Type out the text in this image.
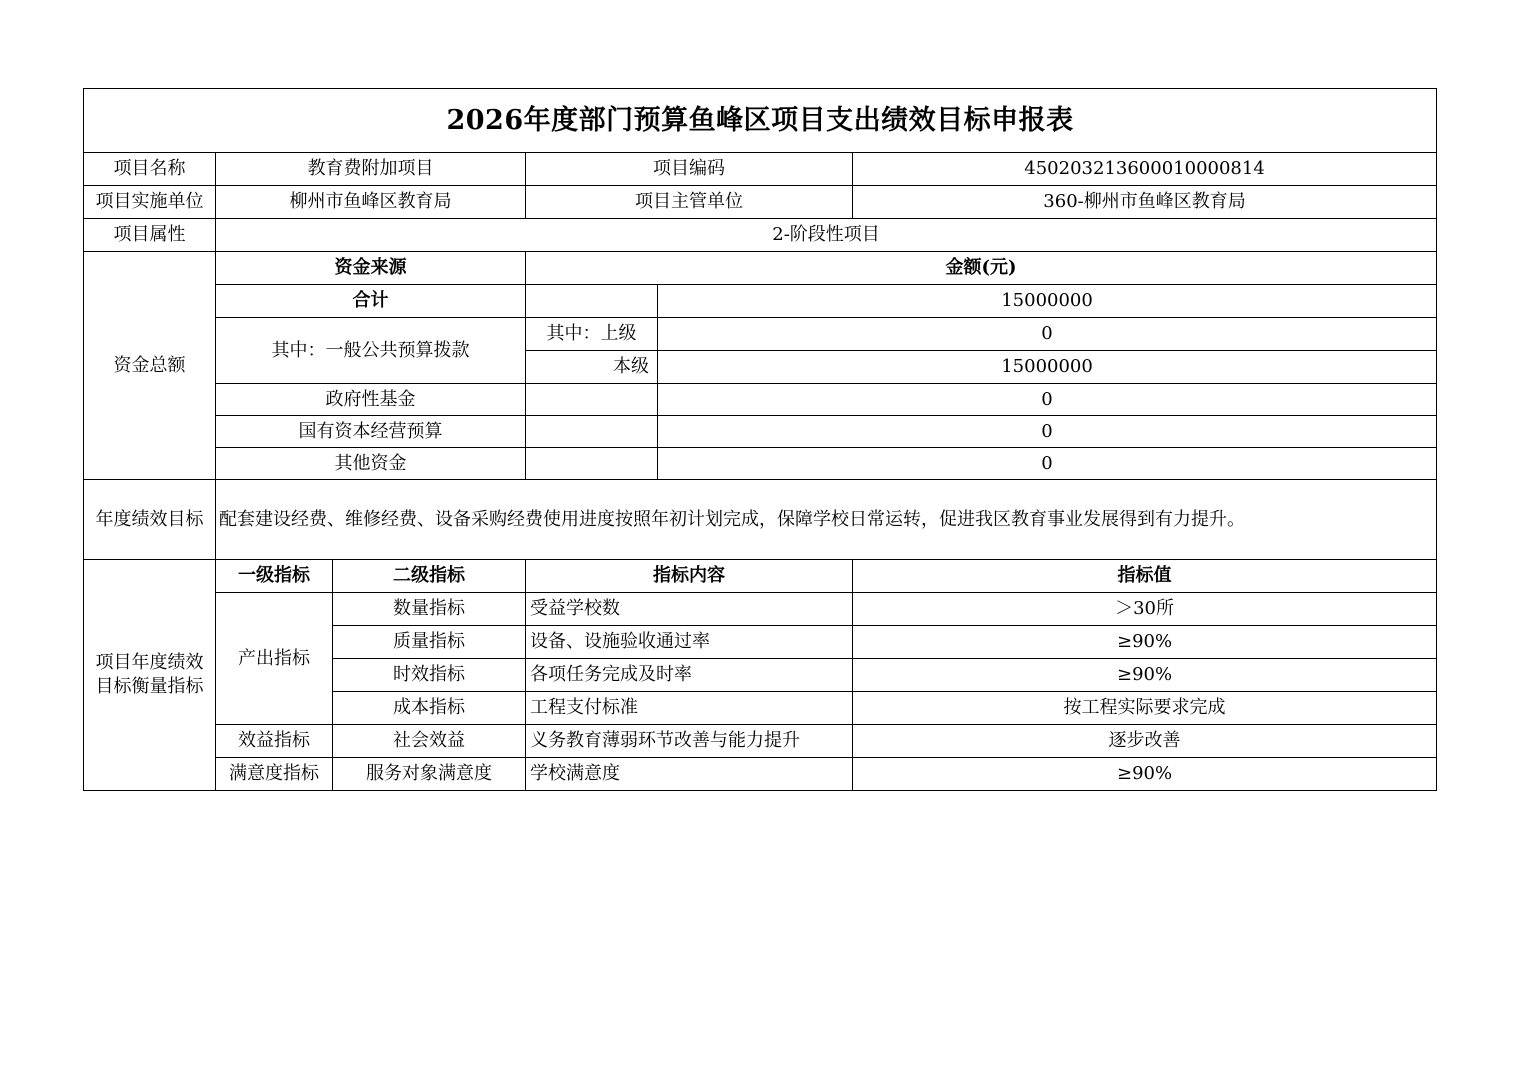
2026年度部门预算鱼峰区项目支出绩效目标申报表					
项目名称	教育费附加项目		项目编码		450203213600010000814
项目实施单位	柳州市鱼峰区教育局		项目主管单位		360-柳州市鱼峰区教育局
项目属性	2-阶段性项目				
资金总额	资金来源		金额(元)		
	合计			15000000	
	其中：一般公共预算拨款		其中：上级	0	
			本级	15000000	
	政府性基金			0	
	国有资本经营预算			0	
	其他资金			0	
年度绩效目标	配套建设经费、维修经费、设备采购经费使用进度按照年初计划完成，保障学校日常运转，促进我区教育事业发展得到有力提升。				
项目年度绩效目标衡量指标	一级指标	二级指标	指标内容		指标值
	产出指标	数量指标	受益学校数		＞30所
		质量指标	设备、设施验收通过率		≥90%
		时效指标	各项任务完成及时率		≥90%
		成本指标	工程支付标准		按工程实际要求完成
	效益指标	社会效益	义务教育薄弱环节改善与能力提升		逐步改善
	满意度指标	服务对象满意度	学校满意度		≥90%
